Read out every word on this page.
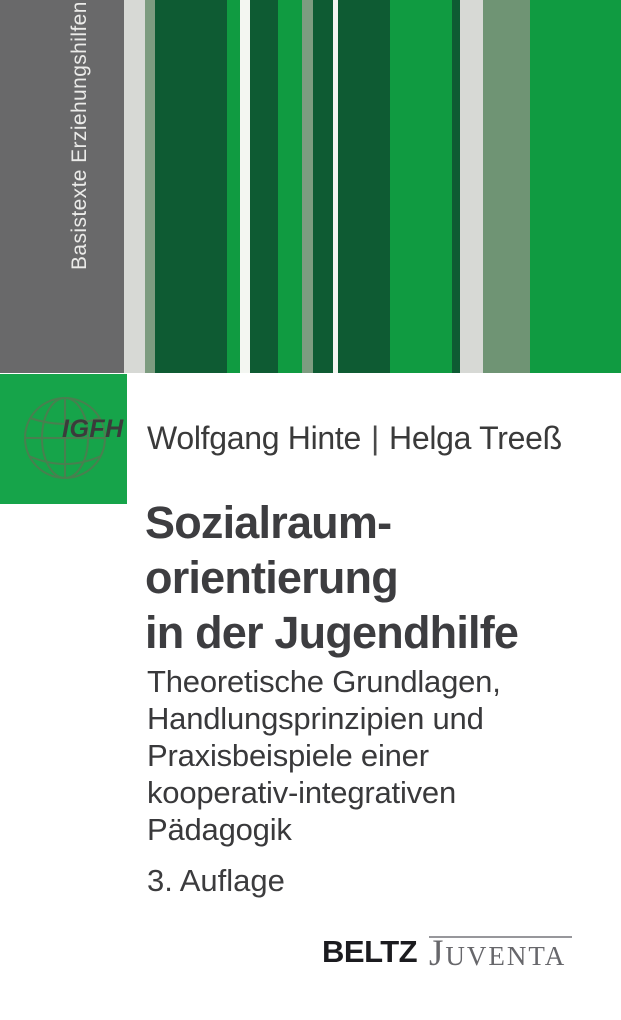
Basistexte Erziehungshilfen
IGFH Wolfgang Hinte | Helga Treeß
Sozialraum-
orientierung
in der Jugendhilfe
Theoretische Grundlagen,
Handlungsprinzipien und
Praxisbeispiele einer
kooperativ-integrativen
Pädagogik
3. Auflage
BELTZ JUVENTA
